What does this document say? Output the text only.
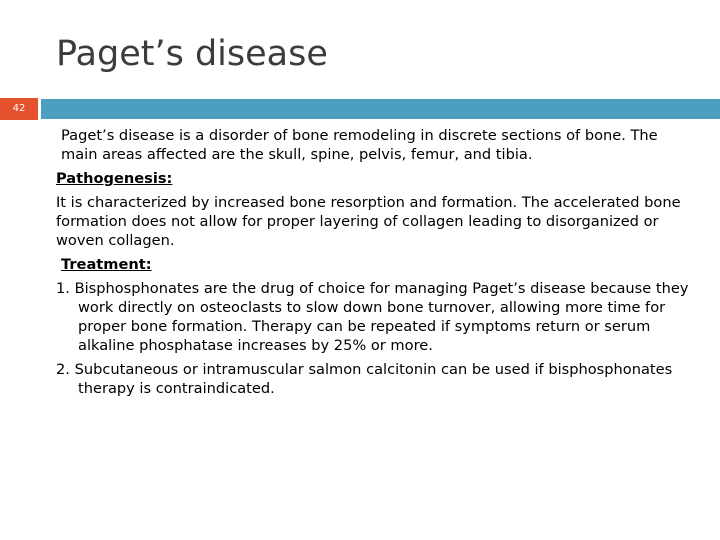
Paget’s disease
42

Paget’s disease is a disorder of bone remodeling in discrete sections of bone. The main areas affected are the skull, spine, pelvis, femur, and tibia.

Pathogenesis:

It is characterized by increased bone resorption and formation. The accelerated bone formation does not allow for proper layering of collagen leading to disorganized or woven collagen.

Treatment:

1. Bisphosphonates are the drug of choice for managing Paget’s disease because they work directly on osteoclasts to slow down bone turnover, allowing more time for proper bone formation. Therapy can be repeated if symptoms return or serum alkaline phosphatase increases by 25% or more.

2. Subcutaneous or intramuscular salmon calcitonin can be used if bisphosphonates therapy is contraindicated.
